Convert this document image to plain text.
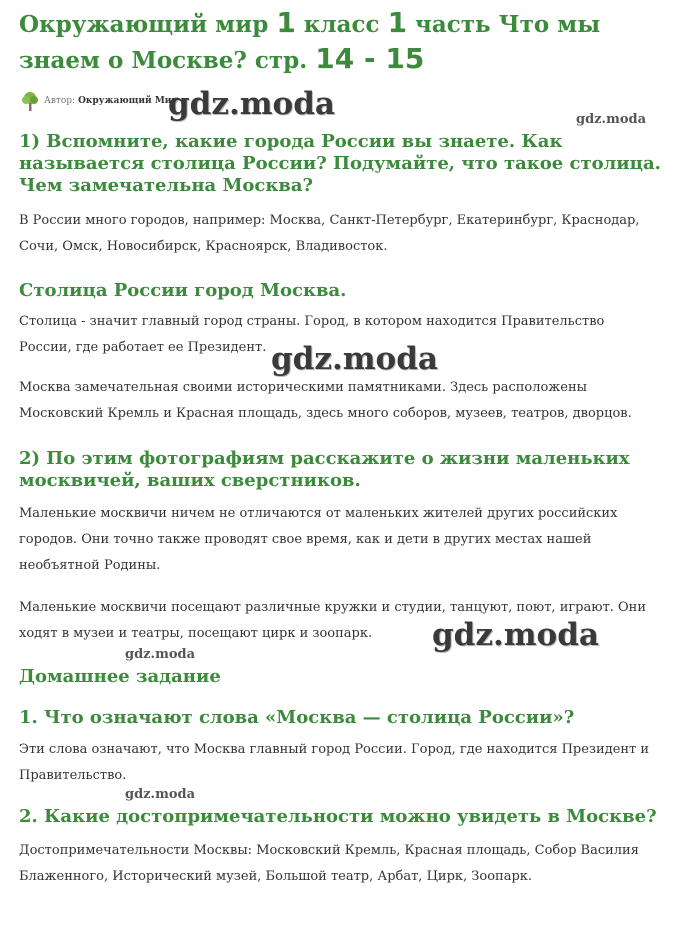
Окружающий мир 1 класс 1 часть Что мы знаем о Москве? стр. 14 - 15
Автор: Окружающий Мир
gdz.moda	gdz.moda
1) Вспомните, какие города России вы знаете. Как называется столица России? Подумайте, что такое столица. Чем замечательна Москва?

В России много городов, например: Москва, Санкт-Петербург, Екатеринбург, Краснодар, Сочи, Омск, Новосибирск, Красноярск, Владивосток.

Столица России город Москва.

Столица - значит главный город страны. Город, в котором находится Правительство России, где работает ее Президент. gdz.moda

Москва замечательная своими историческими памятниками. Здесь расположены Московский Кремль и Красная площадь, здесь много соборов, музеев, театров, дворцов.

2) По этим фотографиям расскажите о жизни маленьких москвичей, ваших сверстников.

Маленькие москвичи ничем не отличаются от маленьких жителей других российских городов. Они точно также проводят свое время, как и дети в других местах нашей необъятной Родины.

Маленькие москвичи посещают различные кружки и студии, танцуют, поют, играют. Они ходят в музеи и театры, посещают цирк и зоопарк.	gdz.moda
gdz.moda
Домашнее задание
1. Что означают слова «Москва — столица России»?

Эти слова означают, что Москва главный город России. Город, где находится Президент и Правительство.

gdz.moda
2. Какие достопримечательности можно увидеть в Москве?

Достопримечательности Москвы: Московский Кремль, Красная площадь, Собор Василия Блаженного, Исторический музей, Большой театр, Арбат, Цирк, Зоопарк.
